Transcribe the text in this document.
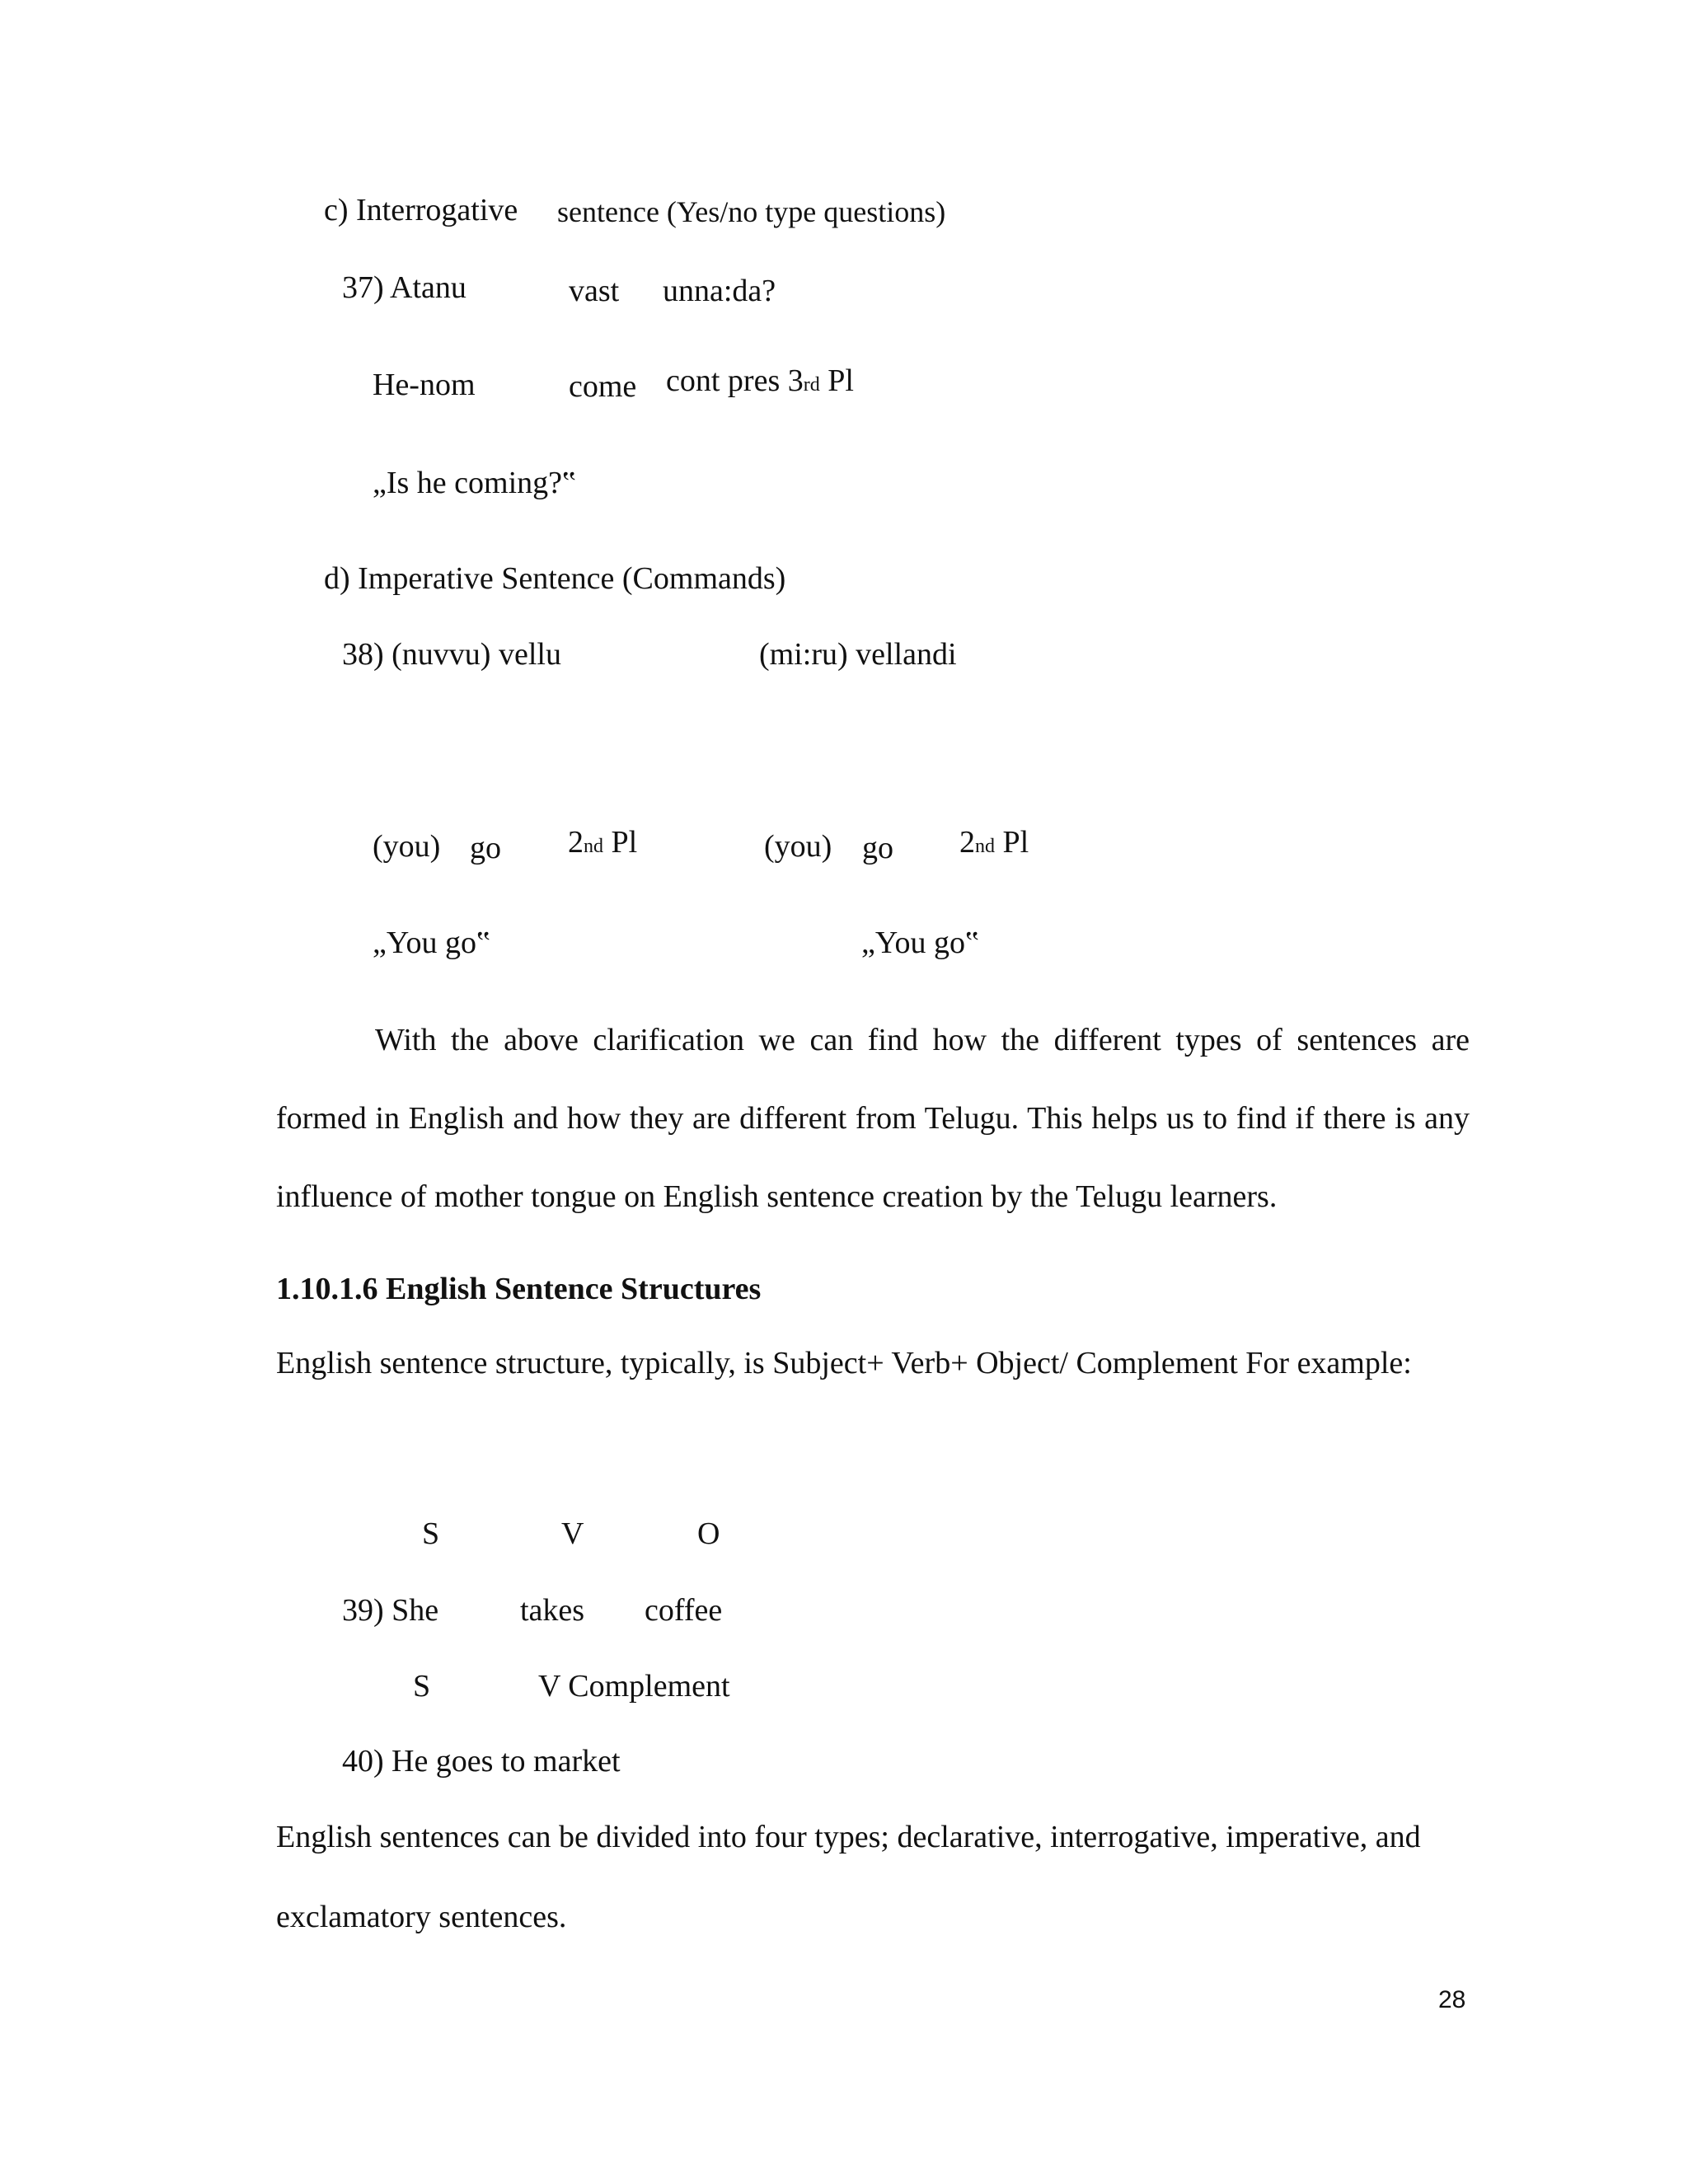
c) Interrogative sentence (Yes/no type questions)
37) Atanu	vast unna:da?
He-nom	come cont pres 3rd Pl
„Is he coming?‟
d) Imperative Sentence (Commands)
38) (nuvvu) vellu	(mi:ru) vellandi
(you) go 2nd Pl	(you) go 2nd Pl
„You go‟	„You go‟
With the above clarification we can find how the different types of sentences are formed in English and how they are different from Telugu. This helps us to find if there is any influence of mother tongue on English sentence creation by the Telugu learners.
1.10.1.6 English Sentence Structures
English sentence structure, typically, is Subject+ Verb+ Object/ Complement For example:
S	V	O
39) She	takes coffee
S	V Complement
40) He goes to market
English sentences can be divided into four types; declarative, interrogative, imperative, and
exclamatory sentences.
28
